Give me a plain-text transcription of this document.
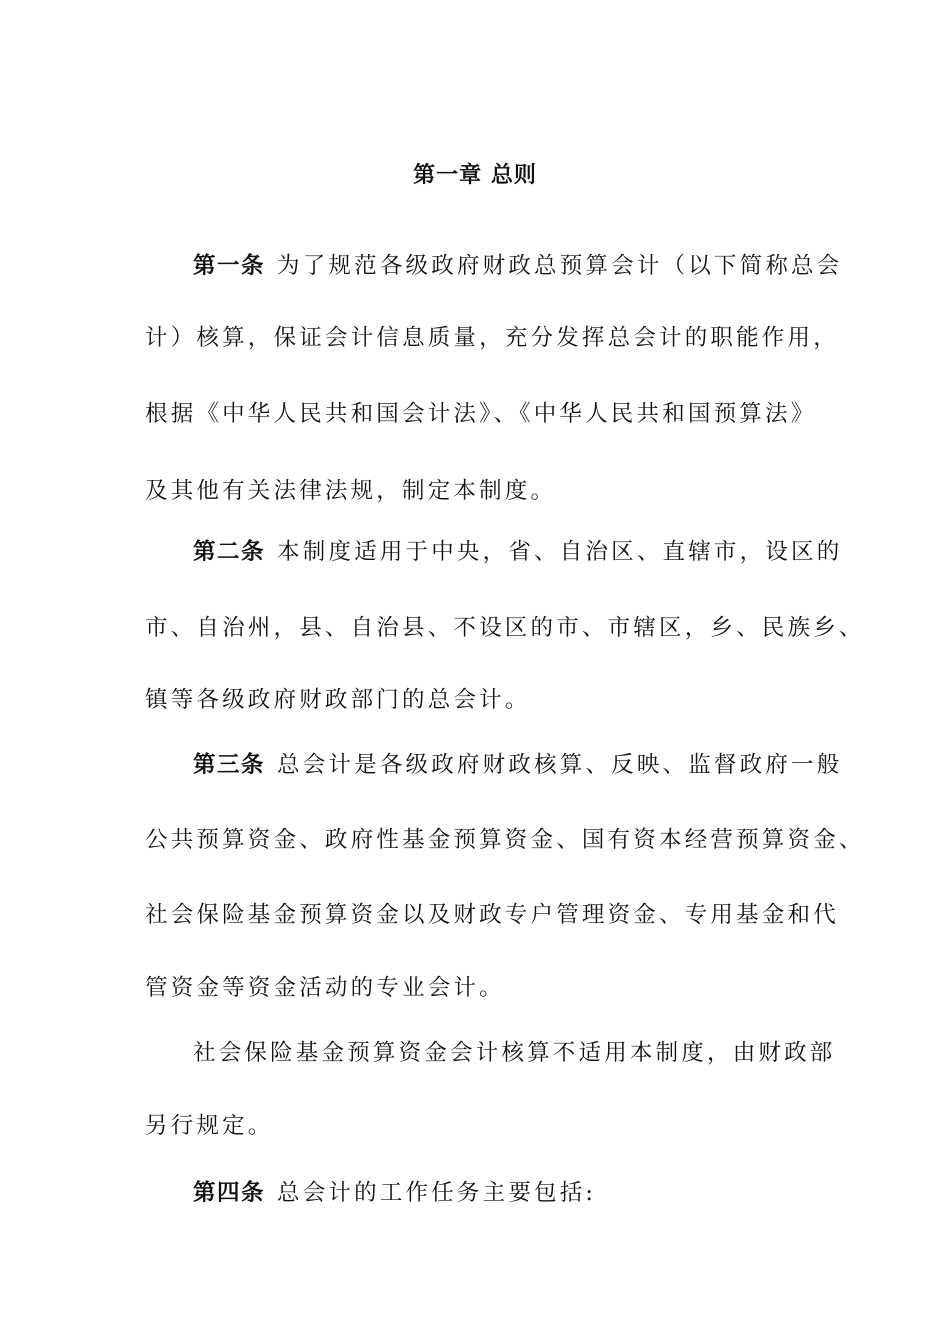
第一章 总则
第一条 为了规范各级政府财政总预算会计（以下简称总会
计）核算，保证会计信息质量，充分发挥总会计的职能作用，
根据《中华人民共和国会计法》、《中华人民共和国预算法》
及其他有关法律法规，制定本制度。
第二条 本制度适用于中央，省、自治区、直辖市，设区的
市、自治州，县、自治县、不设区的市、市辖区，乡、民族乡、
镇等各级政府财政部门的总会计。
第三条 总会计是各级政府财政核算、反映、监督政府一般
公共预算资金、政府性基金预算资金、国有资本经营预算资金、
社会保险基金预算资金以及财政专户管理资金、专用基金和代
管资金等资金活动的专业会计。
社会保险基金预算资金会计核算不适用本制度，由财政部
另行规定。
第四条 总会计的工作任务主要包括:
